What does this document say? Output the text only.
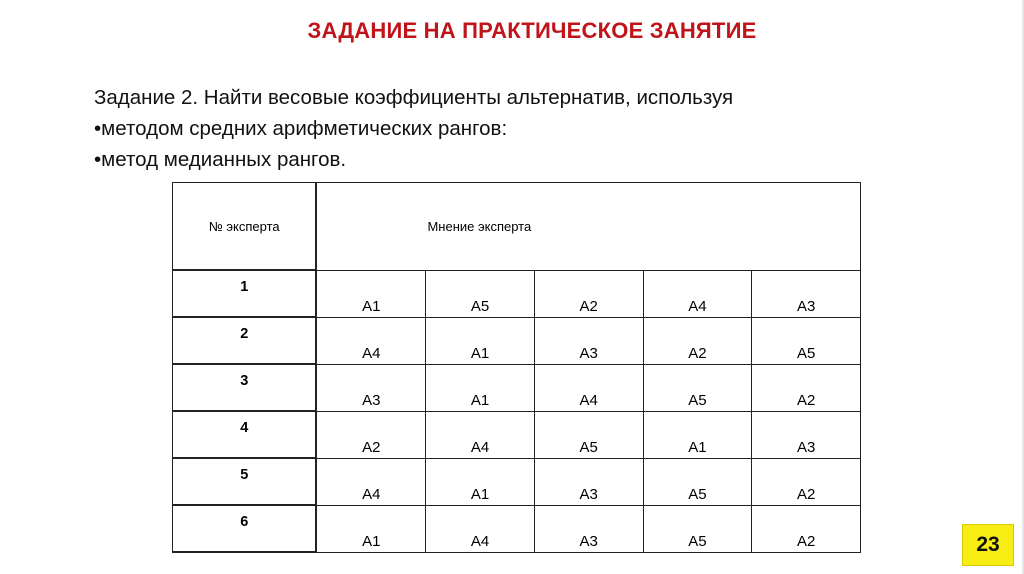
ЗАДАНИЕ НА ПРАКТИЧЕСКОЕ ЗАНЯТИЕ
Задание 2. Найти весовые коэффициенты альтернатив, используя
•методом средних арифметических рангов:
•метод медианных рангов.
№ эксперта	Мнение эксперта				
1	А1	А5	А2	А4	А3
2	А4	А1	А3	А2	А5
3	А3	А1	А4	А5	А2
4	А2	А4	А5	А1	А3
5	А4	А1	А3	А5	А2
6	А1	А4	А3	А5	А2	23
